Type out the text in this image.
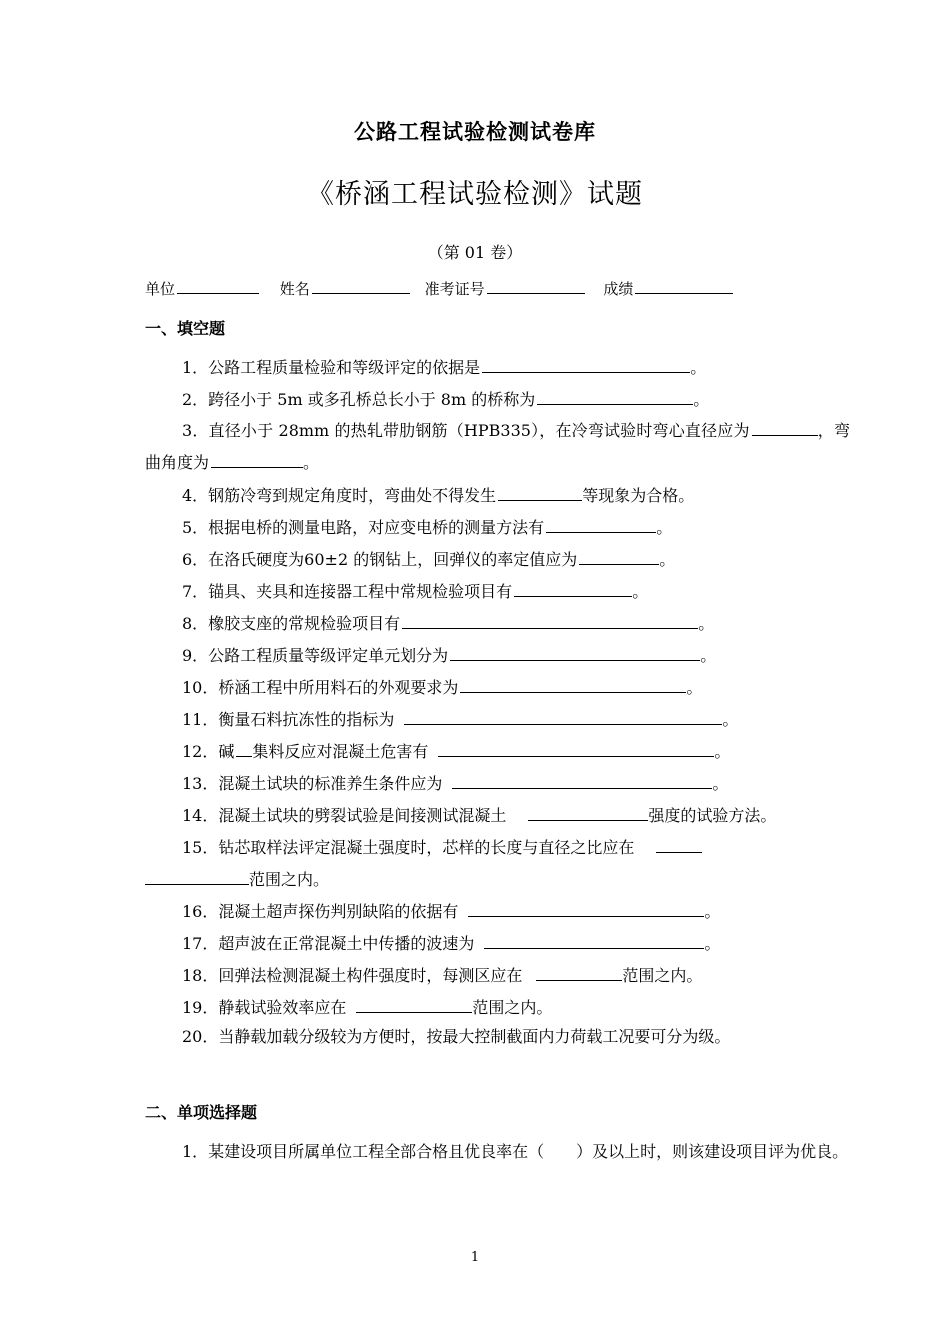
公路工程试验检测试卷库
《桥涵工程试验检测》试题
（第 01 卷）
单位	姓名	准考证号	成绩
一、填空题
1．公路工程质量检验和等级评定的依据是	。
2．跨径小于 5m 或多孔桥总长小于 8m 的桥称为	。
3．直径小于 28mm 的热轧带肋钢筋（HPB335），在冷弯试验时弯心直径应为	，弯曲角度为	。
4．钢筋冷弯到规定角度时，弯曲处不得发生	等现象为合格。
5．根据电桥的测量电路，对应变电桥的测量方法有	。
6．在洛氏硬度为60±2 的钢钻上，回弹仪的率定值应为	。
7．锚具、夹具和连接器工程中常规检验项目有	。
8．橡胶支座的常规检验项目有	。
9．公路工程质量等级评定单元划分为	。
10．桥涵工程中所用料石的外观要求为	。
11．衡量石料抗冻性的指标为	。
12．碱 集料反应对混凝土危害有	。
13．混凝土试块的标准养生条件应为	。
14．混凝土试块的劈裂试验是间接测试混凝土	强度的试验方法。
15．钻芯取样法评定混凝土强度时，芯样的长度与直径之比应在
范围之内。
16．混凝土超声探伤判别缺陷的依据有	。
17．超声波在正常混凝土中传播的波速为	。
18．回弹法检测混凝土构件强度时，每测区应在	范围之内。
19．静载试验效率应在	范围之内。
20．当静载加载分级较为方便时，按最大控制截面内力荷载工况要可分为级。
二、单项选择题
1．某建设项目所属单位工程全部合格且优良率在（　　）及以上时，则该建设项目评为优良。
1
